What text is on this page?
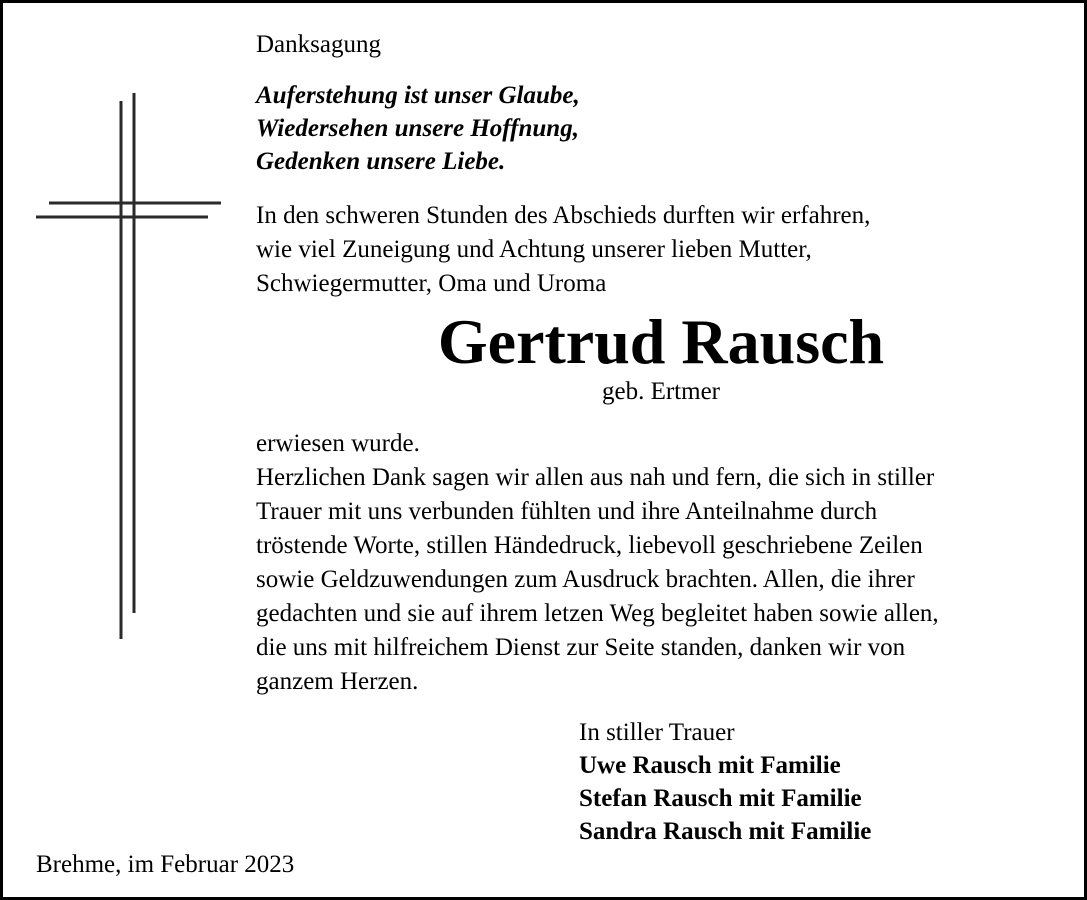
Danksagung

Auferstehung ist unser Glaube,
Wiedersehen unsere Hoffnung,
Gedenken unsere Liebe.

In den schweren Stunden des Abschieds durften wir erfahren,
wie viel Zuneigung und Achtung unserer lieben Mutter,
Schwiegermutter, Oma und Uroma

Gertrud Rausch
geb. Ertmer

erwiesen wurde.
Herzlichen Dank sagen wir allen aus nah und fern, die sich in stiller
Trauer mit uns verbunden fühlten und ihre Anteilnahme durch
tröstende Worte, stillen Händedruck, liebevoll geschriebene Zeilen
sowie Geldzuwendungen zum Ausdruck brachten. Allen, die ihrer
gedachten und sie auf ihrem letzen Weg begleitet haben sowie allen,
die uns mit hilfreichem Dienst zur Seite standen, danken wir von
ganzem Herzen.

In stiller Trauer
Uwe Rausch mit Familie
Stefan Rausch mit Familie
Sandra Rausch mit Familie
Brehme, im Februar 2023
